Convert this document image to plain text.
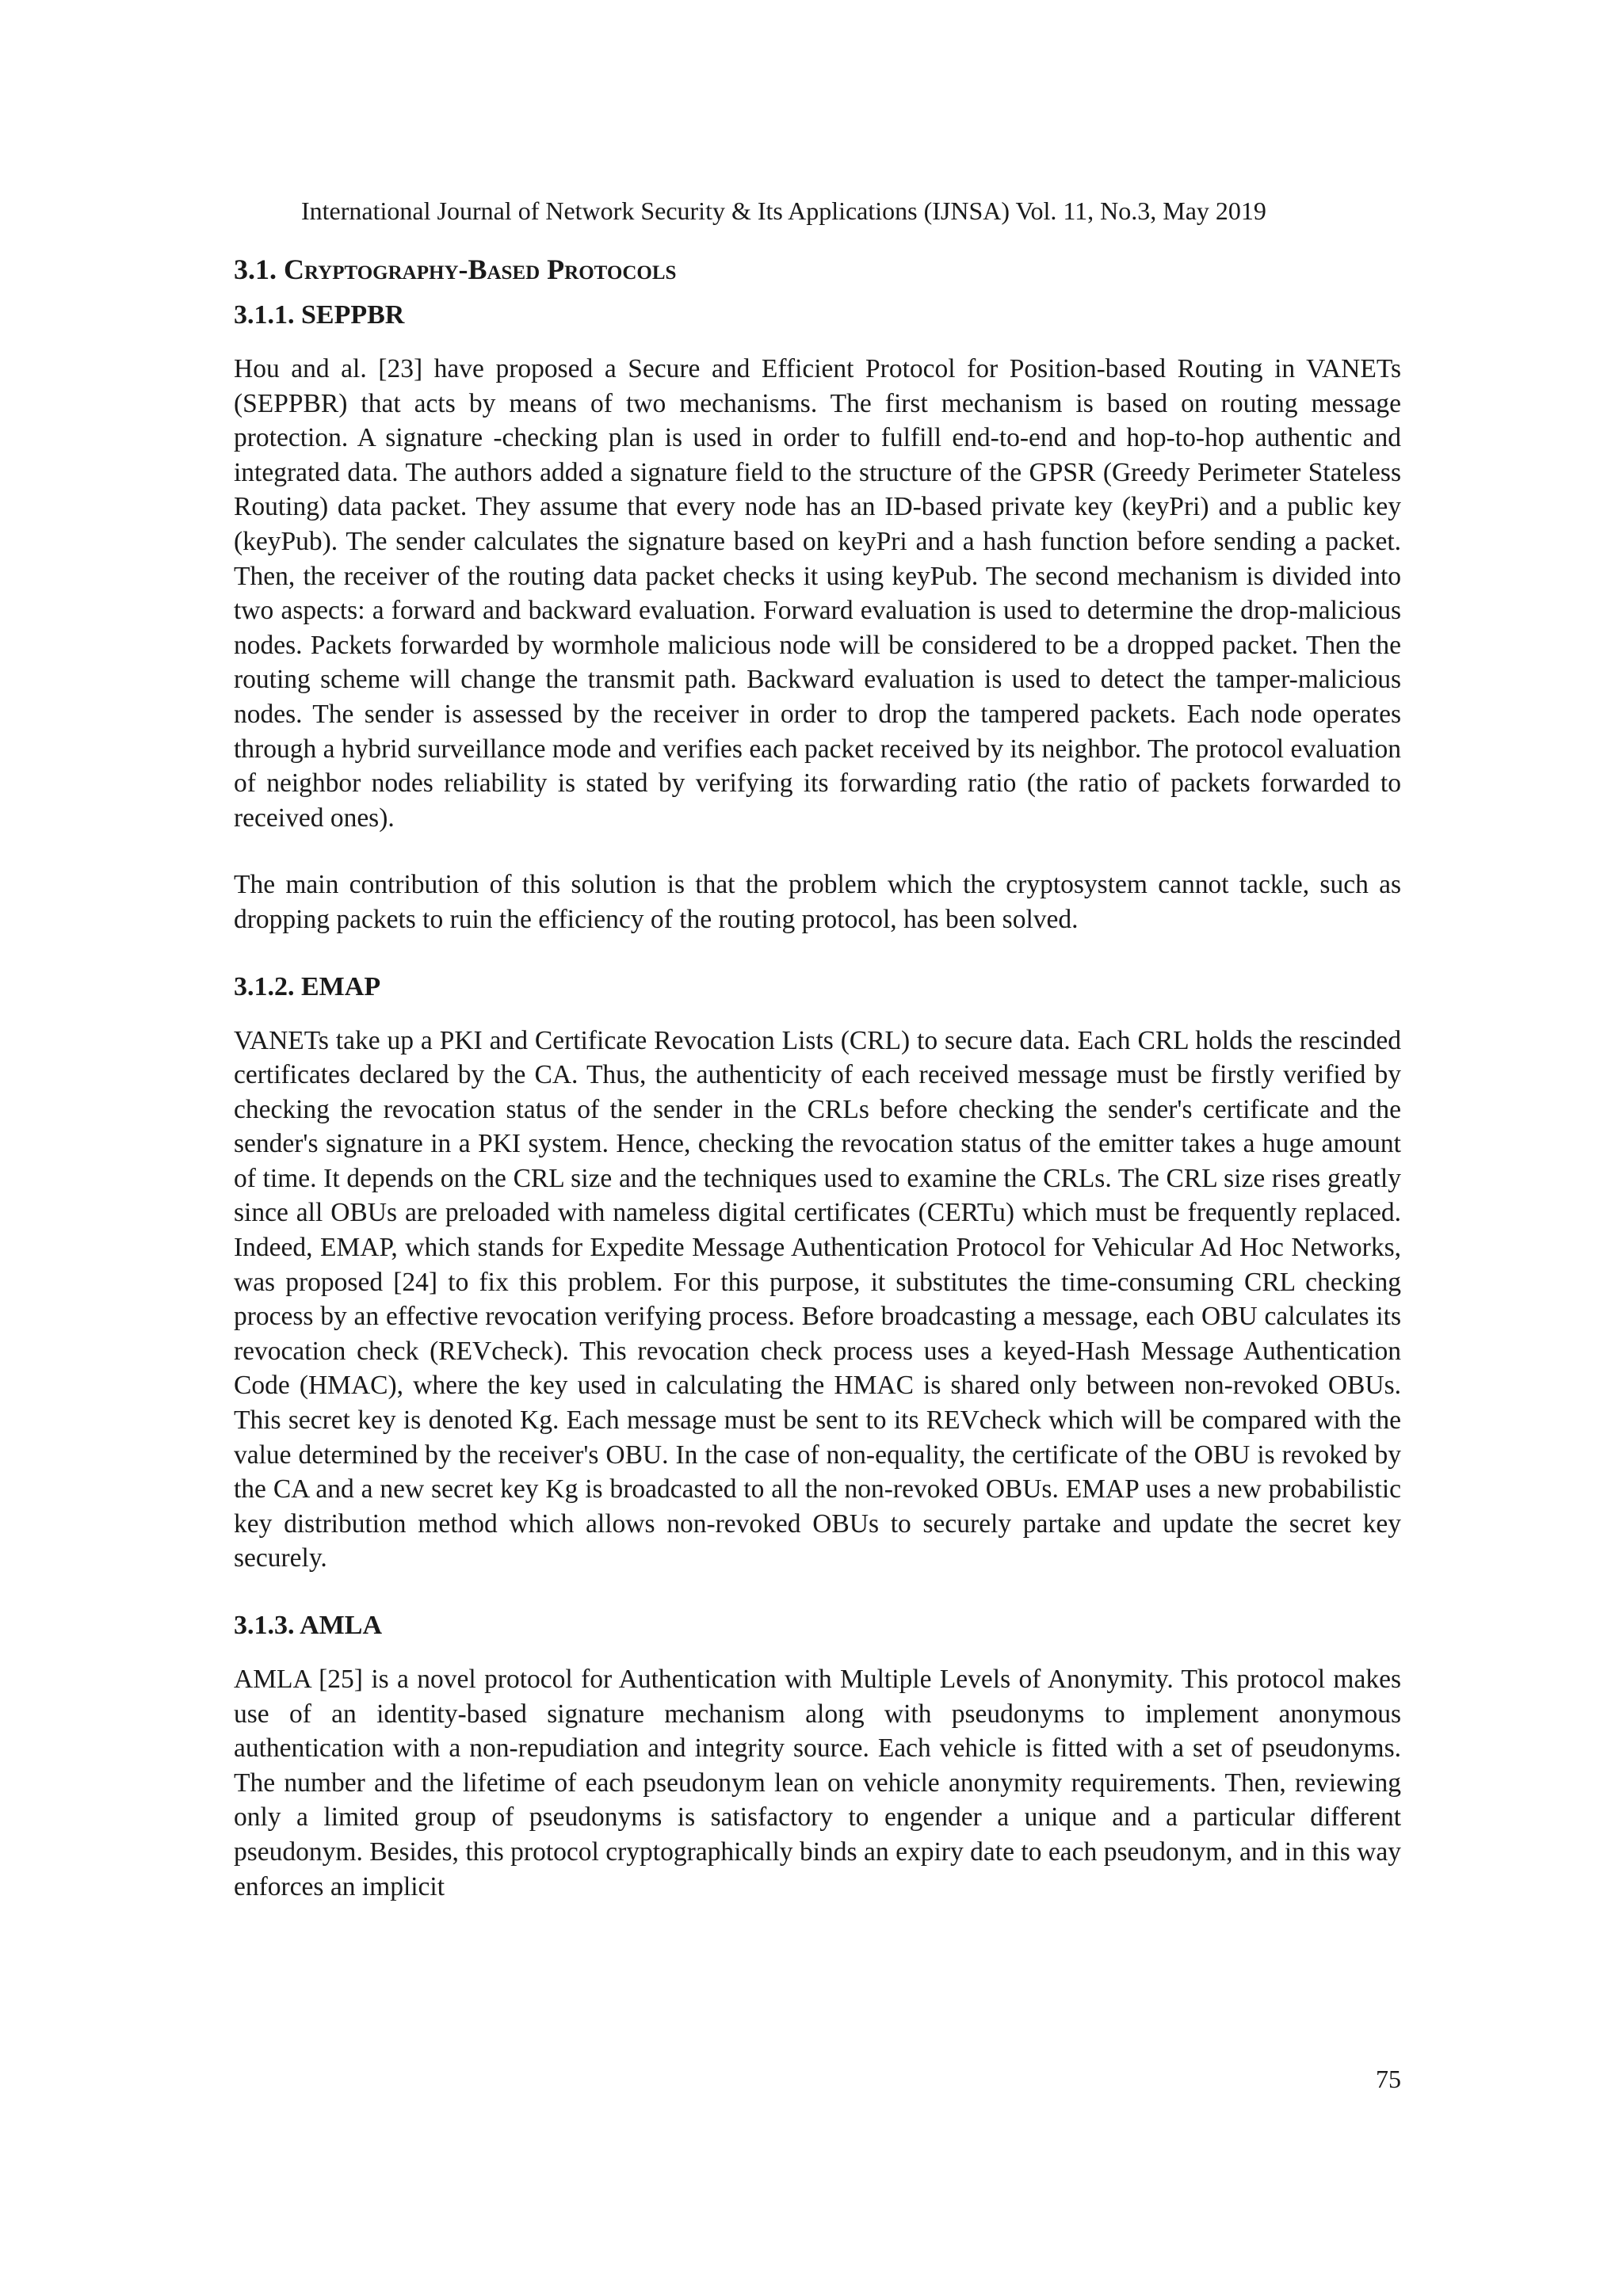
International Journal of Network Security & Its Applications (IJNSA) Vol. 11, No.3, May 2019
3.1. Cryptography-Based Protocols
3.1.1. SEPPBR

Hou and al. [23] have proposed a Secure and Efficient Protocol for Position-based Routing in VANETs (SEPPBR) that acts by means of two mechanisms. The first mechanism is based on routing message protection. A signature -checking plan is used in order to fulfill end-to-end and hop-to-hop authentic and integrated data. The authors added a signature field to the structure of the GPSR (Greedy Perimeter Stateless Routing) data packet. They assume that every node has an ID-based private key (keyPri) and a public key (keyPub). The sender calculates the signature based on keyPri and a hash function before sending a packet. Then, the receiver of the routing data packet checks it using keyPub. The second mechanism is divided into two aspects: a forward and backward evaluation. Forward evaluation is used to determine the drop-malicious nodes. Packets forwarded by wormhole malicious node will be considered to be a dropped packet. Then the routing scheme will change the transmit path. Backward evaluation is used to detect the tamper-malicious nodes. The sender is assessed by the receiver in order to drop the tampered packets. Each node operates through a hybrid surveillance mode and verifies each packet received by its neighbor. The protocol evaluation of neighbor nodes reliability is stated by verifying its forwarding ratio (the ratio of packets forwarded to received ones).

The main contribution of this solution is that the problem which the cryptosystem cannot tackle, such as dropping packets to ruin the efficiency of the routing protocol, has been solved.

3.1.2. EMAP

VANETs take up a PKI and Certificate Revocation Lists (CRL) to secure data. Each CRL holds the rescinded certificates declared by the CA. Thus, the authenticity of each received message must be firstly verified by checking the revocation status of the sender in the CRLs before checking the sender's certificate and the sender's signature in a PKI system. Hence, checking the revocation status of the emitter takes a huge amount of time. It depends on the CRL size and the techniques used to examine the CRLs. The CRL size rises greatly since all OBUs are preloaded with nameless digital certificates (CERTu) which must be frequently replaced. Indeed, EMAP, which stands for Expedite Message Authentication Protocol for Vehicular Ad Hoc Networks, was proposed [24] to fix this problem. For this purpose, it substitutes the time-consuming CRL checking process by an effective revocation verifying process. Before broadcasting a message, each OBU calculates its revocation check (REVcheck). This revocation check process uses a keyed-Hash Message Authentication Code (HMAC), where the key used in calculating the HMAC is shared only between non-revoked OBUs. This secret key is denoted Kg. Each message must be sent to its REVcheck which will be compared with the value determined by the receiver's OBU. In the case of non-equality, the certificate of the OBU is revoked by the CA and a new secret key Kg is broadcasted to all the non-revoked OBUs. EMAP uses a new probabilistic key distribution method which allows non-revoked OBUs to securely partake and update the secret key securely.

3.1.3. AMLA

AMLA [25] is a novel protocol for Authentication with Multiple Levels of Anonymity. This protocol makes use of an identity-based signature mechanism along with pseudonyms to implement anonymous authentication with a non-repudiation and integrity source. Each vehicle is fitted with a set of pseudonyms. The number and the lifetime of each pseudonym lean on vehicle anonymity requirements. Then, reviewing only a limited group of pseudonyms is satisfactory to engender a unique and a particular different pseudonym. Besides, this protocol cryptographically binds an expiry date to each pseudonym, and in this way enforces an implicit

75
